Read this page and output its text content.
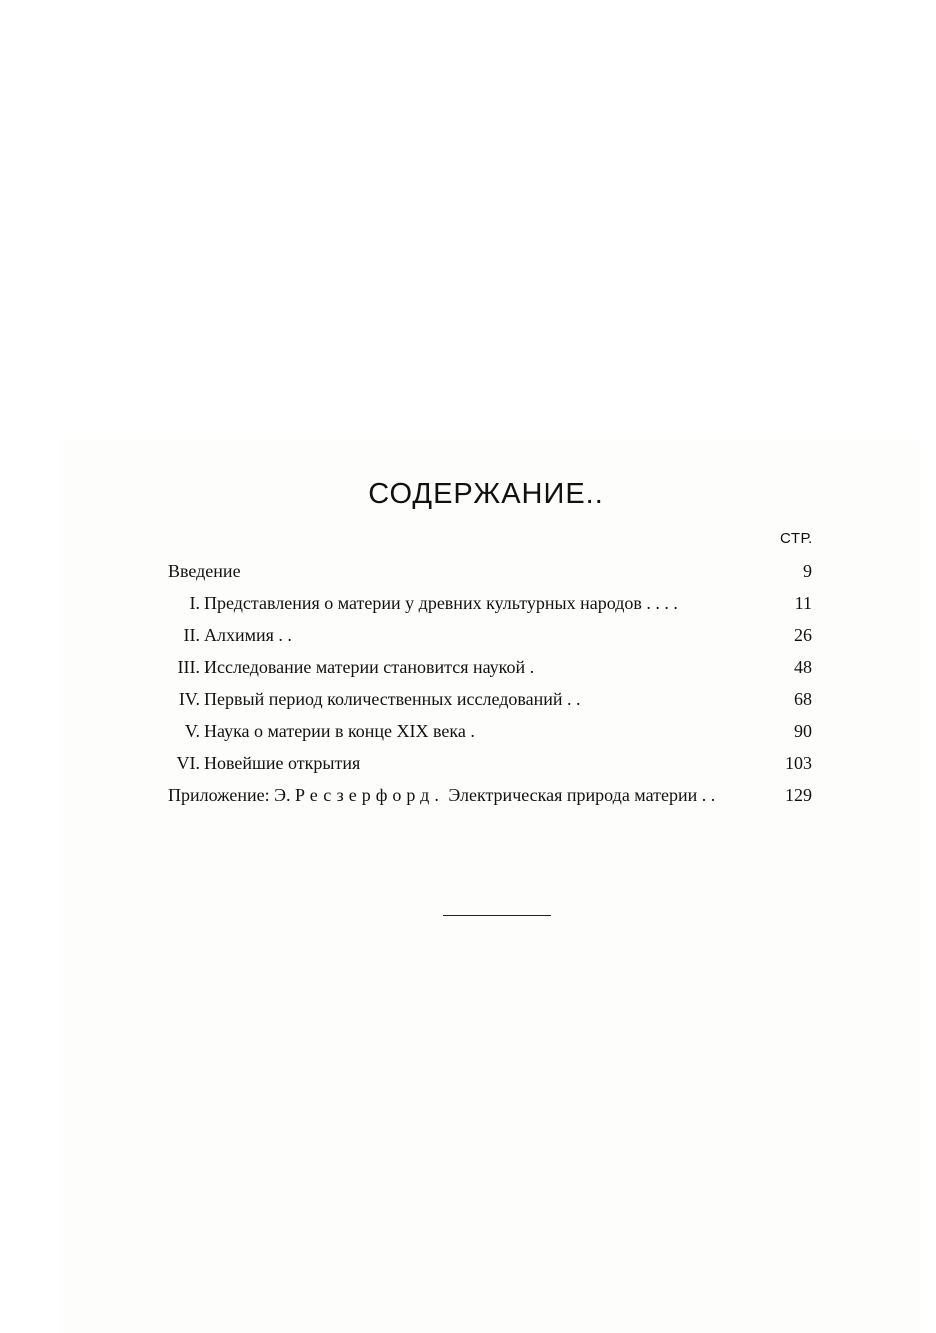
СОДЕРЖАНИЕ..
СТР.
Введение	9
I. Представления о материи у древних культурных народов . . . .	11
II. Алхимия . .	26
III. Исследование материи становится наукой .	48
IV. Первый период количественных исследований . .	68
V. Наука о материи в конце XIX века .	90
VI. Новейшие открытия	103
Приложение: Э. Ресзерфорд. Электрическая природа материи . .	129
